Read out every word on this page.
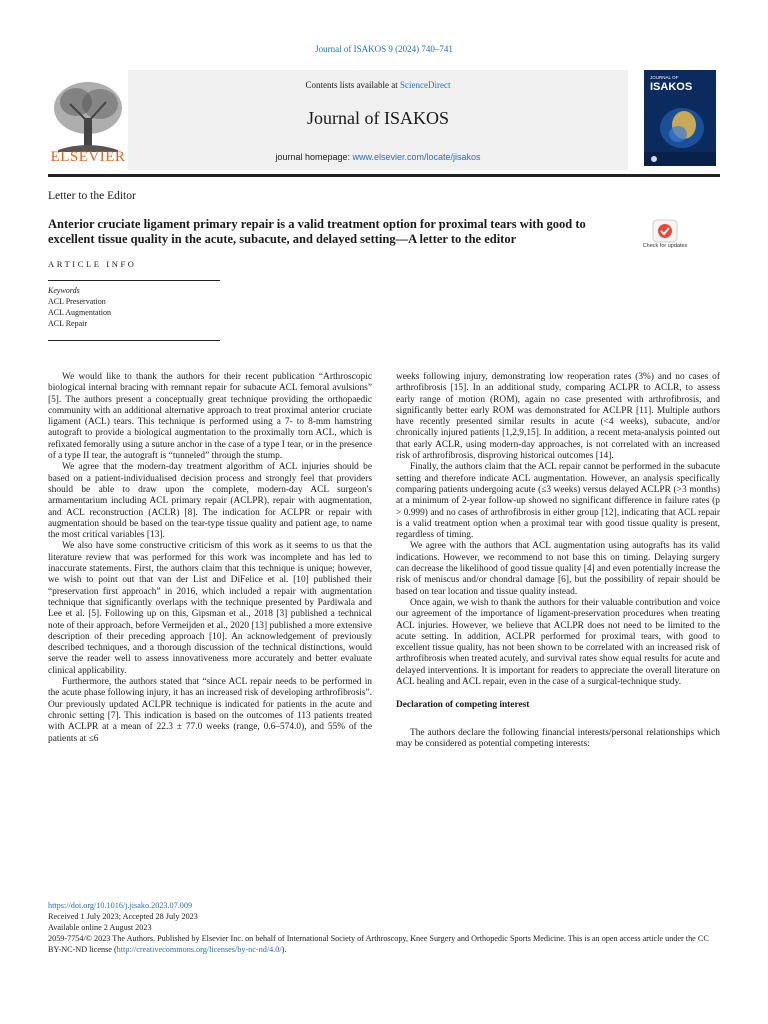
Journal of ISAKOS 9 (2024) 740–741
ELSEVIER
Contents lists available at ScienceDirect
Journal of ISAKOS
journal homepage: www.elsevier.com/locate/jisakos
JOURNAL OF
ISAKOS
Letter to the Editor
Anterior cruciate ligament primary repair is a valid treatment option for proximal tears with good to excellent tissue quality in the acute, subacute, and delayed setting—A letter to the editor	Check for updates
ARTICLE INFO
Keywords
ACL Preservation
ACL Augmentation
ACL Repair

We would like to thank the authors for their recent publication “Arthroscopic biological internal bracing with remnant repair for subacute ACL femoral avulsions” [5]. The authors present a conceptually great technique providing the orthopaedic community with an additional alternative approach to treat proximal anterior cruciate ligament (ACL) tears. This technique is performed using a 7- to 8-mm hamstring autograft to provide a biological augmentation to the proximally torn ACL, which is refixated femorally using a suture anchor in the case of a type I tear, or in the presence of a type II tear, the autograft is “tunneled” through the stump.

We agree that the modern-day treatment algorithm of ACL injuries should be based on a patient-individualised decision process and strongly feel that providers should be able to draw upon the complete, modern-day ACL surgeon's armamentarium including ACL primary repair (ACLPR), repair with augmentation, and ACL reconstruction (ACLR) [8]. The indication for ACLPR or repair with augmentation should be based on the tear-type tissue quality and patient age, to name the most critical variables [13].

We also have some constructive criticism of this work as it seems to us that the literature review that was performed for this work was incomplete and has led to inaccurate statements. First, the authors claim that this technique is unique; however, we wish to point out that van der List and DiFelice et al. [10] published their “preservation first approach” in 2016, which included a repair with augmentation technique that significantly overlaps with the technique presented by Pardiwala and Lee et al. [5]. Following up on this, Gipsman et al., 2018 [3] published a technical note of their approach, before Vermeijden et al., 2020 [13] published a more extensive description of their preceding approach [10]. An acknowledgement of previously described techniques, and a thorough discussion of the technical distinctions, would serve the reader well to assess innovativeness more accurately and better evaluate clinical applicability.

Furthermore, the authors stated that “since ACL repair needs to be performed in the acute phase following injury, it has an increased risk of developing arthrofibrosis”. Our previously updated ACLPR technique is indicated for patients in the acute and chronic setting [7]. This indication is based on the outcomes of 113 patients treated with ACLPR at a mean of 22.3 ± 77.0 weeks (range, 0.6–574.0), and 55% of the patients at ≤6

weeks following injury, demonstrating low reoperation rates (3%) and no cases of arthrofibrosis [15]. In an additional study, comparing ACLPR to ACLR, to assess early range of motion (ROM), again no case presented with arthrofibrosis, and significantly better early ROM was demonstrated for ACLPR [11]. Multiple authors have recently presented similar results in acute (<4 weeks), subacute, and/or chronically injured patients [1,2,9,15]. In addition, a recent meta-analysis pointed out that early ACLR, using modern-day approaches, is not correlated with an increased risk of arthrofibrosis, disproving historical outcomes [14].

Finally, the authors claim that the ACL repair cannot be performed in the subacute setting and therefore indicate ACL augmentation. However, an analysis specifically comparing patients undergoing acute (≤3 weeks) versus delayed ACLPR (>3 months) at a minimum of 2-year follow-up showed no significant difference in failure rates (p > 0.999) and no cases of arthrofibrosis in either group [12], indicating that ACL repair is a valid treatment option when a proximal tear with good tissue quality is present, regardless of timing.

We agree with the authors that ACL augmentation using autografts has its valid indications. However, we recommend to not base this on timing. Delaying surgery can decrease the likelihood of good tissue quality [4] and even potentially increase the risk of meniscus and/or chondral damage [6], but the possibility of repair should be based on tear location and tissue quality instead.

Once again, we wish to thank the authors for their valuable contribution and voice our agreement of the importance of ligament-preservation procedures when treating ACL injuries. However, we believe that ACLPR does not need to be limited to the acute setting. In addition, ACLPR performed for proximal tears, with good to excellent tissue quality, has not been shown to be correlated with an increased risk of arthrofibrosis when treated acutely, and survival rates show equal results for acute and delayed interventions. It is important for readers to appreciate the overall literature on ACL healing and ACL repair, even in the case of a surgical-technique study.

Declaration of competing interest

The authors declare the following financial interests/personal relationships which may be considered as potential competing interests:

https://doi.org/10.1016/j.jisako.2023.07.009
Received 1 July 2023; Accepted 28 July 2023
Available online 2 August 2023
2059-7754/© 2023 The Authors. Published by Elsevier Inc. on behalf of International Society of Arthroscopy, Knee Surgery and Orthopedic Sports Medicine. This is an open access article under the CC BY-NC-ND license (http://creativecommons.org/licenses/by-nc-nd/4.0/).
